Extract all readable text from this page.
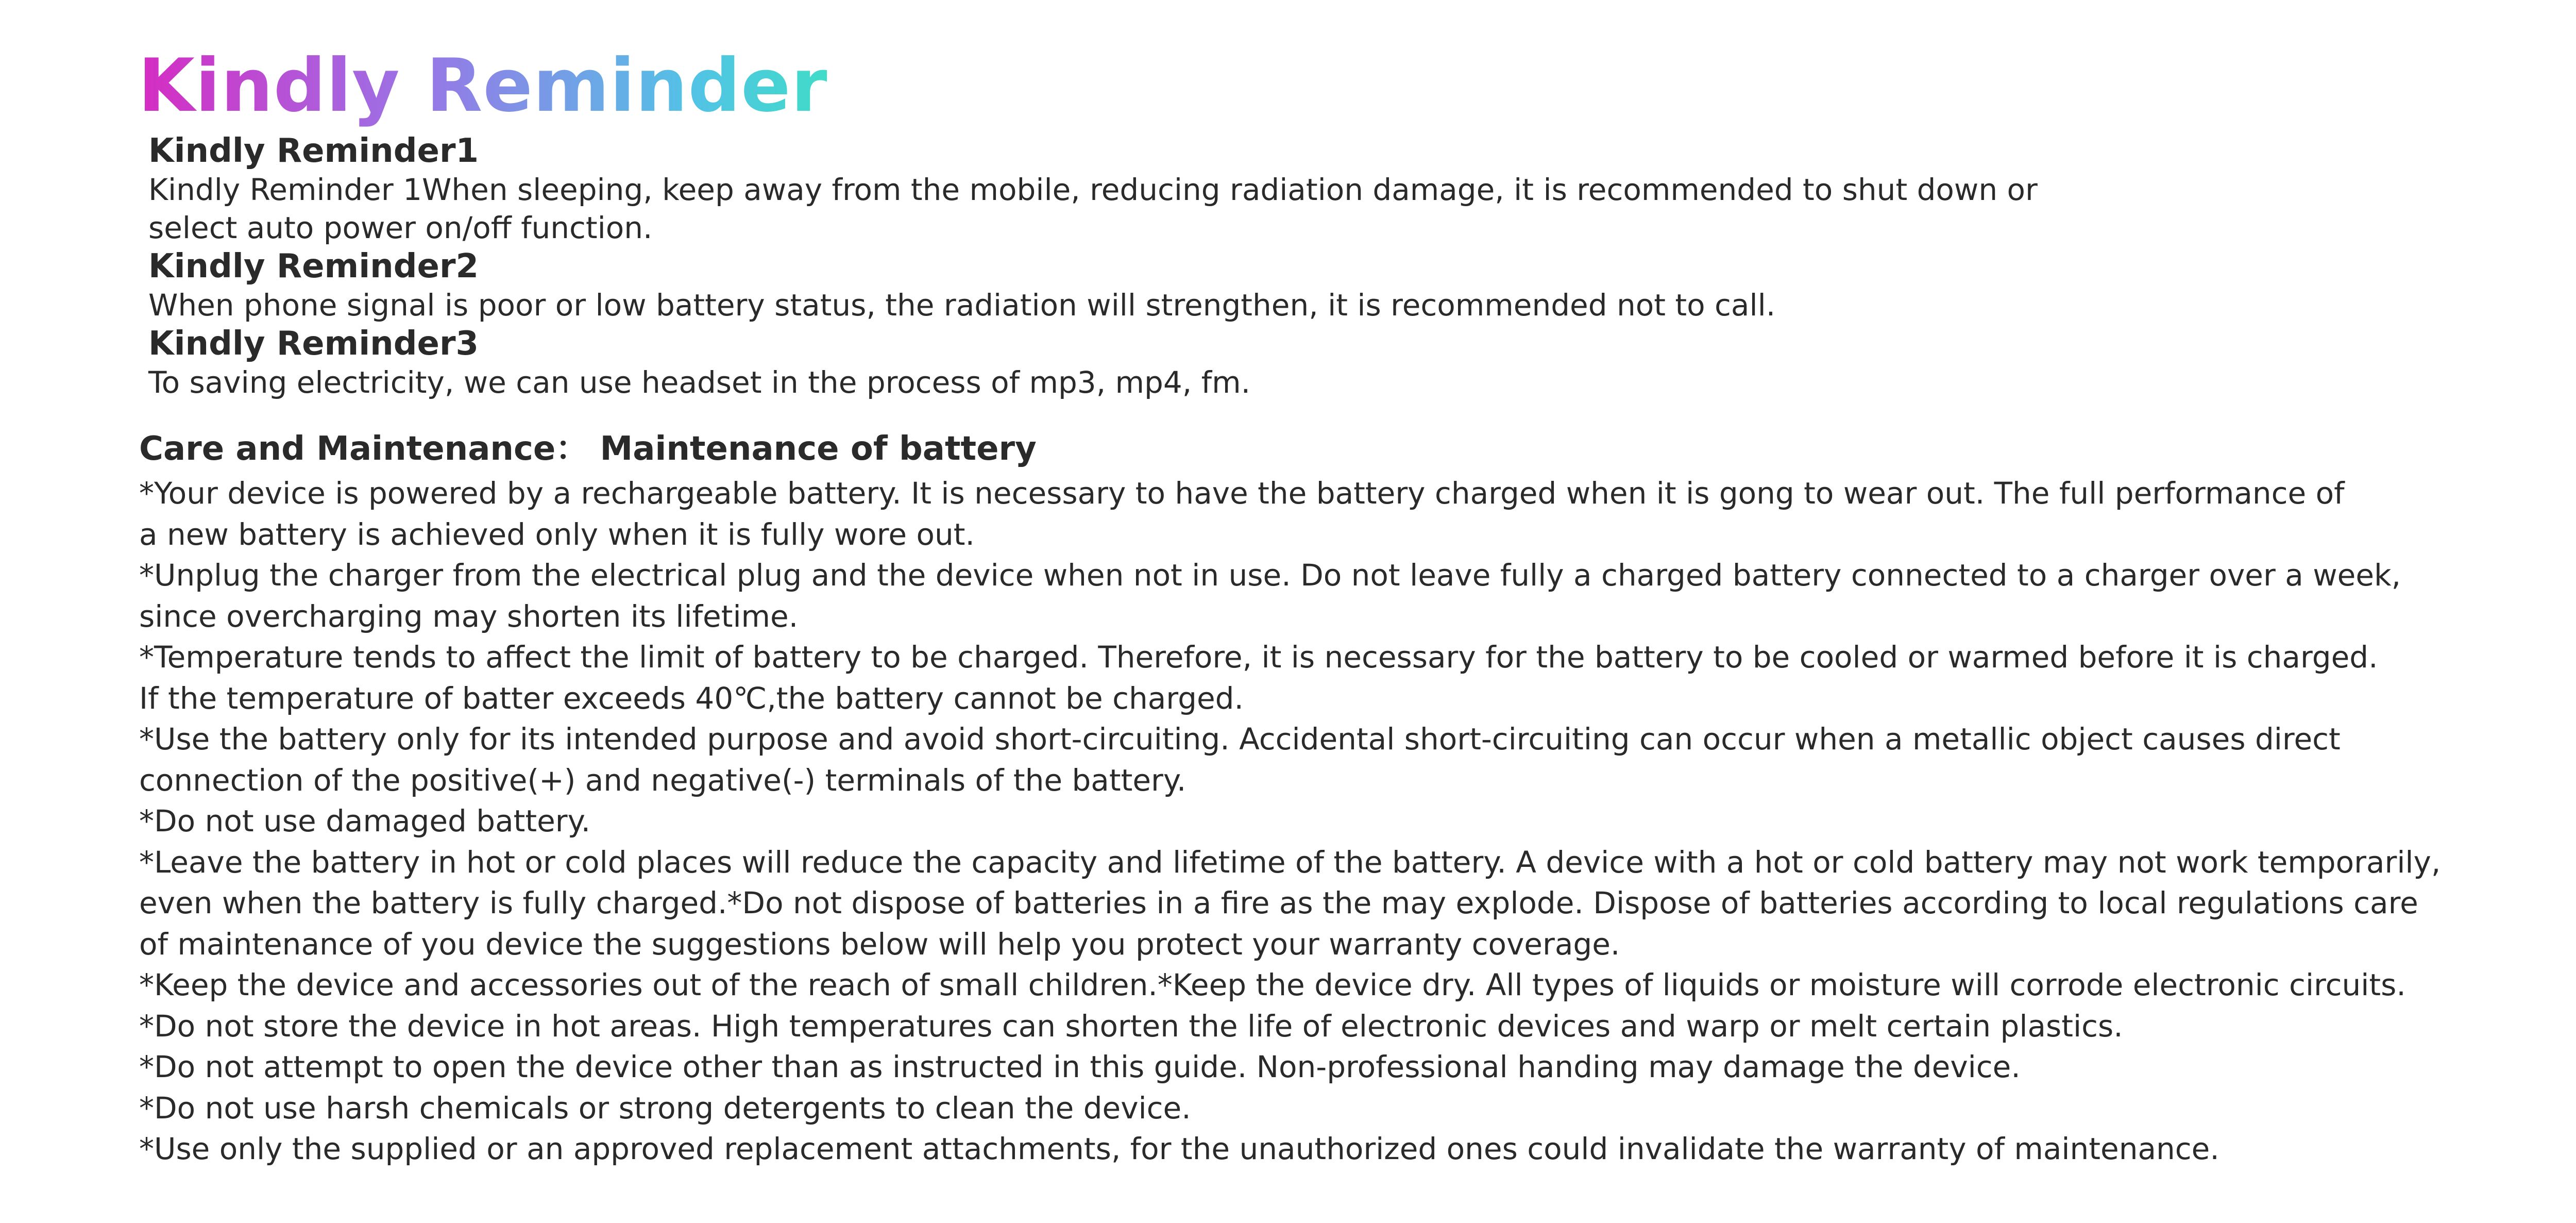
Kindly Reminder

Kindly Reminder1

Kindly Reminder 1When sleeping, keep away from the mobile, reducing radiation damage, it is recommended to shut down or

select auto power on/off function.

Kindly Reminder2

When phone signal is poor or low battery status, the radiation will strengthen, it is recommended not to call.

Kindly Reminder3

To saving electricity, we can use headset in the process of mp3, mp4, fm.

Care and Maintenance： Maintenance of battery

*Your device is powered by a rechargeable battery. It is necessary to have the battery charged when it is gong to wear out. The full performance of

a new battery is achieved only when it is fully wore out.

*Unplug the charger from the electrical plug and the device when not in use. Do not leave fully a charged battery connected to a charger over a week,

since overcharging may shorten its lifetime.

*Temperature tends to affect the limit of battery to be charged. Therefore, it is necessary for the battery to be cooled or warmed before it is charged.

If the temperature of batter exceeds 40℃,the battery cannot be charged.

*Use the battery only for its intended purpose and avoid short-circuiting. Accidental short-circuiting can occur when a metallic object causes direct

connection of the positive(+) and negative(-) terminals of the battery.

*Do not use damaged battery.

*Leave the battery in hot or cold places will reduce the capacity and lifetime of the battery. A device with a hot or cold battery may not work temporarily,

even when the battery is fully charged.*Do not dispose of batteries in a fire as the may explode. Dispose of batteries according to local regulations care

of maintenance of you device the suggestions below will help you protect your warranty coverage.

*Keep the device and accessories out of the reach of small children.*Keep the device dry. All types of liquids or moisture will corrode electronic circuits.

*Do not store the device in hot areas. High temperatures can shorten the life of electronic devices and warp or melt certain plastics.

*Do not attempt to open the device other than as instructed in this guide. Non-professional handing may damage the device.

*Do not use harsh chemicals or strong detergents to clean the device.

*Use only the supplied or an approved replacement attachments, for the unauthorized ones could invalidate the warranty of maintenance.
